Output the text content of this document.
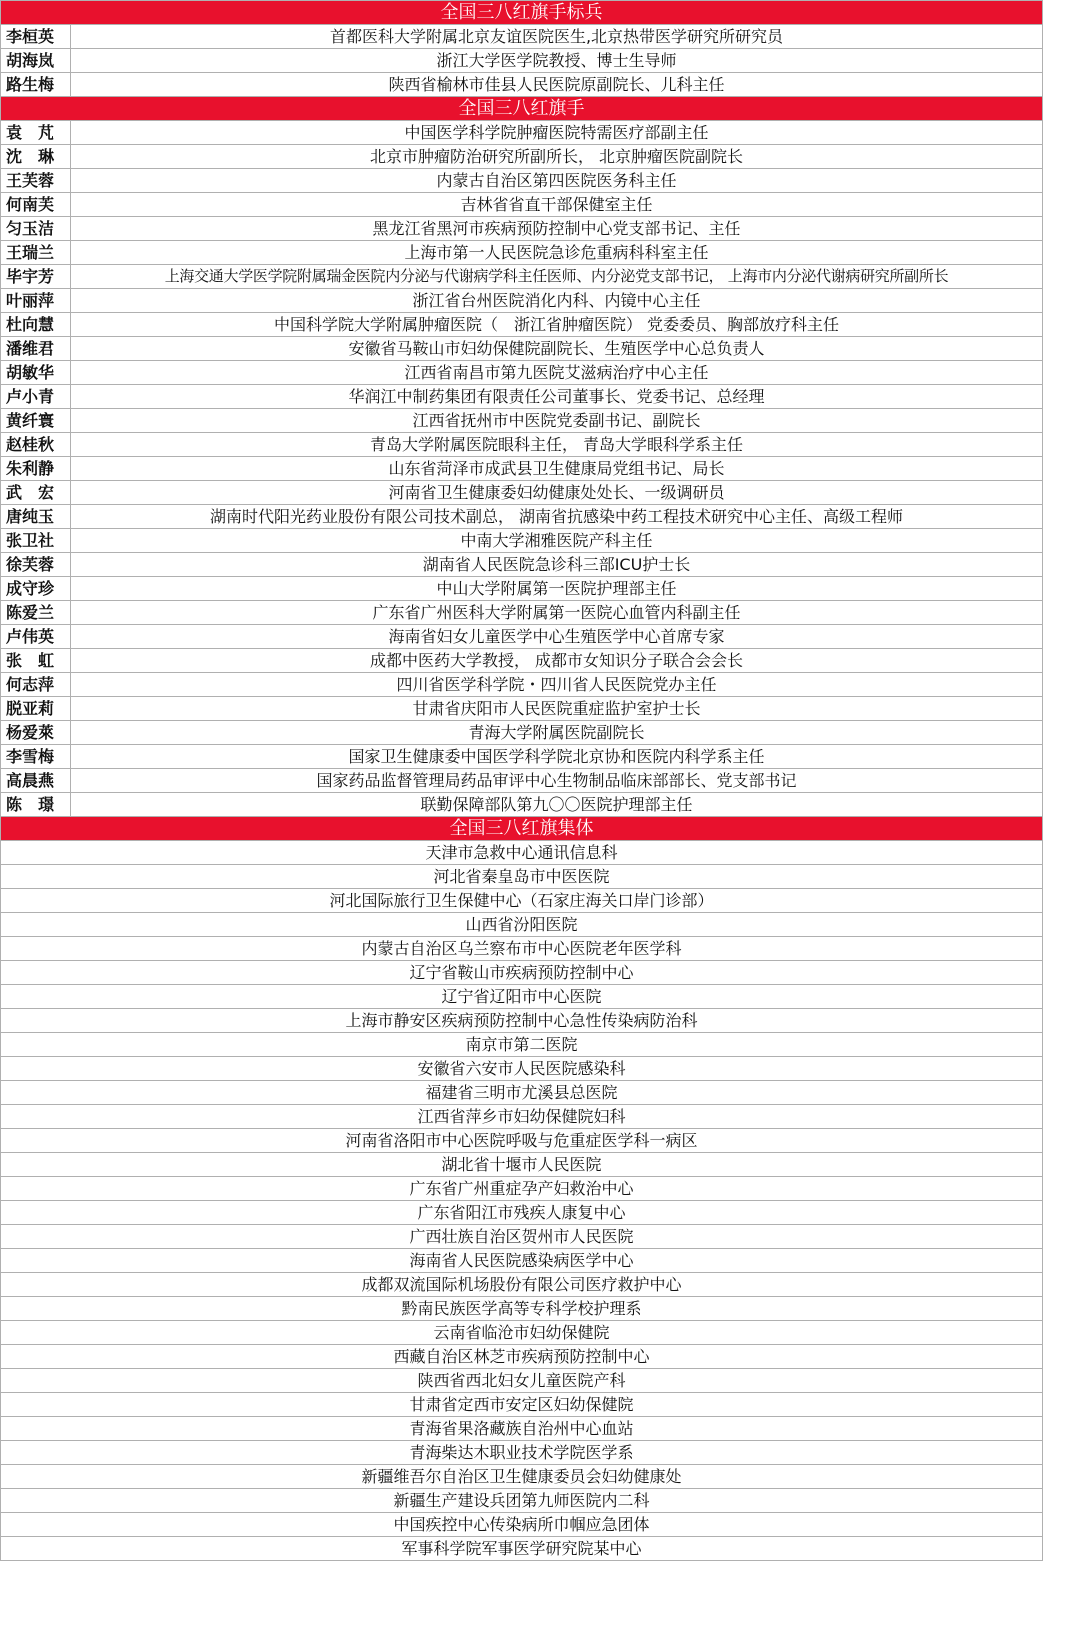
全国三八红旗手标兵
李桓英	首都医科大学附属北京友谊医院医生,北京热带医学研究所研究员
胡海岚	浙江大学医学院教授、博士生导师
路生梅	陕西省榆林市佳县人民医院原副院长、儿科主任
全国三八红旗手
袁　芃	中国医学科学院肿瘤医院特需医疗部副主任
沈　琳	北京市肿瘤防治研究所副所长， 北京肿瘤医院副院长
王芙蓉	内蒙古自治区第四医院医务科主任
何南芙	吉林省省直干部保健室主任
匀玉洁	黑龙江省黑河市疾病预防控制中心党支部书记、主任
王瑞兰	上海市第一人民医院急诊危重病科科室主任
毕宇芳	上海交通大学医学院附属瑞金医院内分泌与代谢病学科主任医师、内分泌党支部书记， 上海市内分泌代谢病研究所副所长
叶丽萍	浙江省台州医院消化内科、内镜中心主任
杜向慧	中国科学院大学附属肿瘤医院（　浙江省肿瘤医院） 党委委员、胸部放疗科主任
潘维君	安徽省马鞍山市妇幼保健院副院长、生殖医学中心总负责人
胡敏华	江西省南昌市第九医院艾滋病治疗中心主任
卢小青	华润江中制药集团有限责任公司董事长、党委书记、总经理
黄纤寰	江西省抚州市中医院党委副书记、副院长
赵桂秋	青岛大学附属医院眼科主任， 青岛大学眼科学系主任
朱利静	山东省菏泽市成武县卫生健康局党组书记、局长
武　宏	河南省卫生健康委妇幼健康处处长、一级调研员
唐纯玉	湖南时代阳光药业股份有限公司技术副总， 湖南省抗感染中药工程技术研究中心主任、高级工程师
张卫社	中南大学湘雅医院产科主任
徐芙蓉	湖南省人民医院急诊科三部ICU护士长
成守珍	中山大学附属第一医院护理部主任
陈爱兰	广东省广州医科大学附属第一医院心血管内科副主任
卢伟英	海南省妇女儿童医学中心生殖医学中心首席专家
张　虹	成都中医药大学教授， 成都市女知识分子联合会会长
何志萍	四川省医学科学院・四川省人民医院党办主任
脱亚莉	甘肃省庆阳市人民医院重症监护室护士长
杨爱萊	青海大学附属医院副院长
李雪梅	国家卫生健康委中国医学科学院北京协和医院内科学系主任
高晨燕	国家药品监督管理局药品审评中心生物制品临床部部长、党支部书记
陈　璟	联勤保障部队第九〇〇医院护理部主任
全国三八红旗集体
天津市急救中心通讯信息科
河北省秦皇岛市中医医院
河北国际旅行卫生保健中心（石家庄海关口岸门诊部）
山西省汾阳医院
内蒙古自治区乌兰察布市中心医院老年医学科
辽宁省鞍山市疾病预防控制中心
辽宁省辽阳市中心医院
上海市静安区疾病预防控制中心急性传染病防治科
南京市第二医院
安徽省六安市人民医院感染科
福建省三明市尤溪县总医院
江西省萍乡市妇幼保健院妇科
河南省洛阳市中心医院呼吸与危重症医学科一病区
湖北省十堰市人民医院
广东省广州重症孕产妇救治中心
广东省阳江市残疾人康复中心
广西壮族自治区贺州市人民医院
海南省人民医院感染病医学中心
成都双流国际机场股份有限公司医疗救护中心
黔南民族医学高等专科学校护理系
云南省临沧市妇幼保健院
西藏自治区林芝市疾病预防控制中心
陕西省西北妇女儿童医院产科
甘肃省定西市安定区妇幼保健院
青海省果洛藏族自治州中心血站
青海柴达木职业技术学院医学系
新疆维吾尔自治区卫生健康委员会妇幼健康处
新疆生产建设兵团第九师医院内二科
中国疾控中心传染病所巾帼应急团体
军事科学院军事医学研究院某中心
